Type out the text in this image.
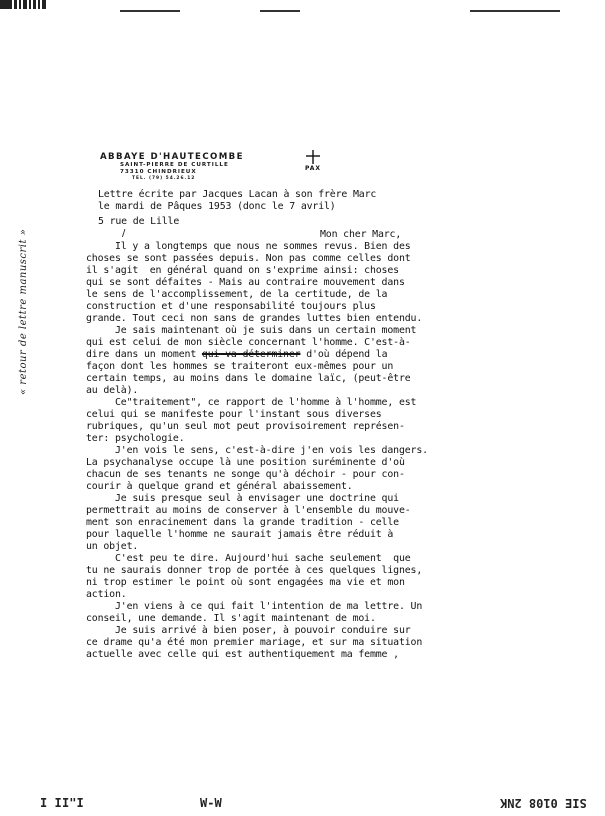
ABBAYE D'HAUTECOMBE
SAINT-PIERRE DE CURTILLE
73310 CHINDRIEUX
TEL. (79) 54.26.12
PAX
Lettre écrite par Jacques Lacan à son frère Marc
le mardi de Pâques 1953 (donc le 7 avril)
5 rue de Lille
Mon cher Marc,
/
Il y a longtemps que nous ne sommes revus. Bien des
choses se sont passées depuis. Non pas comme celles dont
il s'agit  en général quand on s'exprime ainsi: choses
qui se sont défaites - Mais au contraire mouvement dans
le sens de l'accomplissement, de la certitude, de la
construction et d'une responsabilité toujours plus
grande. Tout ceci non sans de grandes luttes bien entendu.
Je sais maintenant où je suis dans un certain moment
qui est celui de mon siècle concernant l'homme. C'est-à-
dire dans un moment qui va déterminer d'où dépend la
façon dont les hommes se traiteront eux-mêmes pour un
certain temps, au moins dans le domaine laïc, (peut-être
au delà).
Ce"traitement", ce rapport de l'homme à l'homme, est
celui qui se manifeste pour l'instant sous diverses
rubriques, qu'un seul mot peut provisoirement représen-
ter: psychologie.
J'en vois le sens, c'est-à-dire j'en vois les dangers.
La psychanalyse occupe là une position suréminente d'où
chacun de ses tenants ne songe qu'à déchoir - pour con-
courir à quelque grand et général abaissement.
Je suis presque seul à envisager une doctrine qui
permettrait au moins de conserver à l'ensemble du mouve-
ment son enracinement dans la grande tradition - celle
pour laquelle l'homme ne saurait jamais être réduit à
un objet.
C'est peu te dire. Aujourd'hui sache seulement  que
tu ne saurais donner trop de portée à ces quelques lignes,
ni trop estimer le point où sont engagées ma vie et mon
action.
J'en viens à ce qui fait l'intention de ma lettre. Un
conseil, une demande. Il s'agit maintenant de moi.
Je suis arrivé à bien poser, à pouvoir conduire sur
ce drame qu'a été mon premier mariage, et sur ma situation
actuelle avec celle qui est authentiquement ma femme ,
« retour de lettre manuscrit »
I I I"I	W-W	SIE 0108 2NK
